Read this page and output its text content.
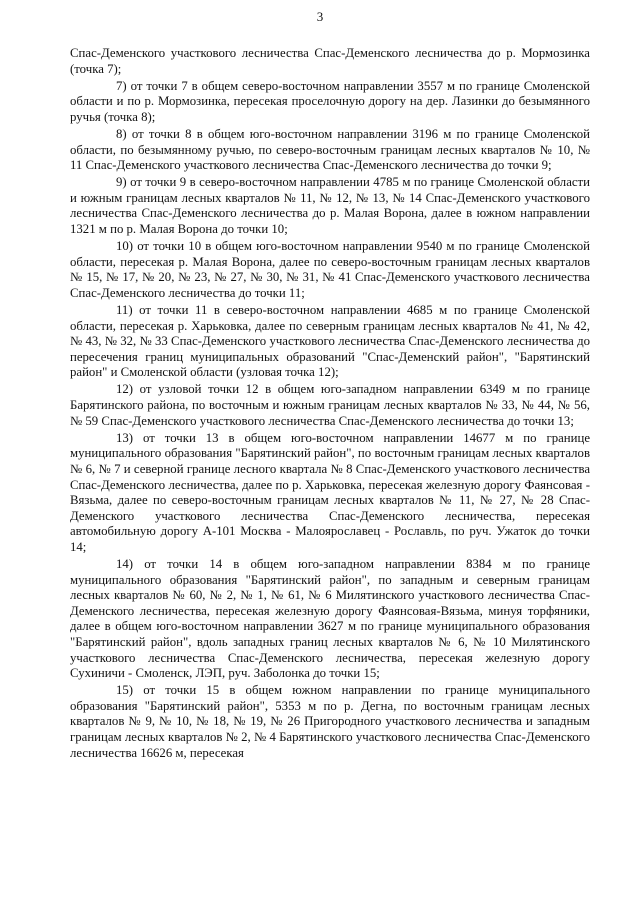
3

Спас-Деменского участкового лесничества Спас-Деменского лесничества до р. Мормозинка (точка 7);

7) от точки 7 в общем северо-восточном направлении 3557 м по границе Смоленской области и по р. Мормозинка, пересекая проселочную дорогу на дер. Лазинки до безымянного ручья (точка 8);

8) от точки 8 в общем юго-восточном направлении 3196 м по границе Смоленской области, по безымянному ручью, по северо-восточным границам лесных кварталов № 10, № 11 Спас-Деменского участкового лесничества Спас-Деменского лесничества до точки 9;

9) от точки 9 в северо-восточном направлении 4785 м по границе Смоленской области и южным границам лесных кварталов № 11, № 12, № 13, № 14 Спас-Деменского участкового лесничества Спас-Деменского лесничества до р. Малая Ворона, далее в южном направлении 1321 м по р. Малая Ворона до точки 10;

10) от точки 10 в общем юго-восточном направлении 9540 м по границе Смоленской области, пересекая р. Малая Ворона, далее по северо-восточным границам лесных кварталов № 15, № 17, № 20, № 23, № 27, № 30, № 31, № 41 Спас-Деменского участкового лесничества Спас-Деменского лесничества до точки 11;

11) от точки 11 в северо-восточном направлении 4685 м по границе Смоленской области, пересекая р. Харьковка, далее по северным границам лесных кварталов № 41, № 42, № 43, № 32, № 33 Спас-Деменского участкового лесничества Спас-Деменского лесничества до пересечения границ муниципальных образований "Спас-Деменский район", "Барятинский район" и Смоленской области (узловая точка 12);

12) от узловой точки 12 в общем юго-западном направлении 6349 м по границе Барятинского района, по восточным и южным границам лесных кварталов № 33, № 44, № 56, № 59 Спас-Деменского участкового лесничества Спас-Деменского лесничества до точки 13;

13) от точки 13 в общем юго-восточном направлении 14677 м по границе муниципального образования "Барятинский район", по восточным границам лесных кварталов № 6, № 7 и северной границе лесного квартала № 8 Спас-Деменского участкового лесничества Спас-Деменского лесничества, далее по р. Харьковка, пересекая железную дорогу Фаянсовая - Вязьма, далее по северо-восточным границам лесных кварталов № 11, № 27, № 28 Спас-Деменского участкового лесничества Спас-Деменского лесничества, пересекая автомобильную дорогу А-101 Москва - Малоярославец - Рославль, по руч. Ужаток до точки 14;

14) от точки 14 в общем юго-западном направлении 8384 м по границе муниципального образования "Барятинский район", по западным и северным границам лесных кварталов № 60, № 2, № 1, № 61, № 6 Милятинского участкового лесничества Спас-Деменского лесничества, пересекая железную дорогу Фаянсовая-Вязьма, минуя торфяники, далее в общем юго-восточном направлении 3627 м по границе муниципального образования "Барятинский район", вдоль западных границ лесных кварталов № 6, № 10 Милятинского участкового лесничества Спас-Деменского лесничества, пересекая железную дорогу Сухиничи - Смоленск, ЛЭП, руч. Заболонка до точки 15;

15) от точки 15 в общем южном направлении по границе муниципального образования "Барятинский район", 5353 м по р. Дегна, по восточным границам лесных кварталов № 9, № 10, № 18, № 19, № 26 Пригородного участкового лесничества и западным границам лесных кварталов № 2, № 4 Барятинского участкового лесничества Спас-Деменского лесничества 16626 м, пересекая
